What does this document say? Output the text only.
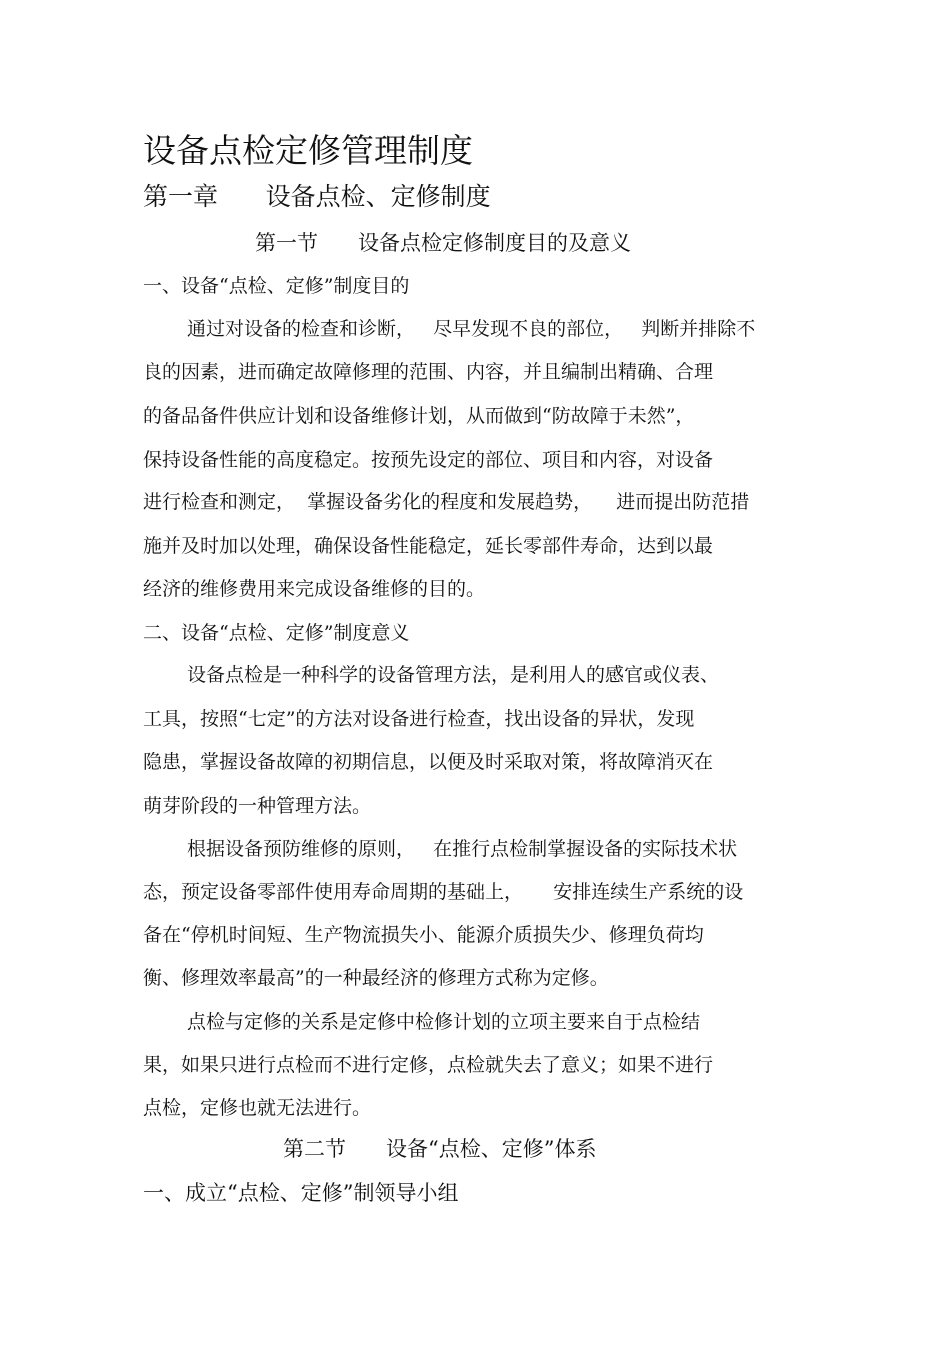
设备点检定修管理制度
第一章      设备点检、定修制度
第一节      设备点检定修制度目的及意义
一、设备“点检、定修”制度目的
通过对设备的检查和诊断，   尽早发现不良的部位，   判断并排除不
良的因素，进而确定故障修理的范围、内容，并且编制出精确、合理
的备品备件供应计划和设备维修计划，从而做到“防故障于未然”，
保持设备性能的高度稳定。按预先设定的部位、项目和内容，对设备
进行检查和测定，  掌握设备劣化的程度和发展趋势，    进而提出防范措
施并及时加以处理，确保设备性能稳定，延长零部件寿命，达到以最
经济的维修费用来完成设备维修的目的。
二、设备“点检、定修”制度意义
设备点检是一种科学的设备管理方法，是利用人的感官或仪表、
工具，按照“七定”的方法对设备进行检查，找出设备的异状，发现
隐患，掌握设备故障的初期信息，以便及时采取对策，将故障消灭在
萌芽阶段的一种管理方法。
根据设备预防维修的原则，   在推行点检制掌握设备的实际技术状
态，预定设备零部件使用寿命周期的基础上，     安排连续生产系统的设
备在“停机时间短、生产物流损失小、能源介质损失少、修理负荷均
衡、修理效率最高”的一种最经济的修理方式称为定修。
点检与定修的关系是定修中检修计划的立项主要来自于点检结
果，如果只进行点检而不进行定修，点检就失去了意义；如果不进行
点检，定修也就无法进行。
第二节      设备“点检、定修”体系
一、成立“点检、定修”制领导小组
